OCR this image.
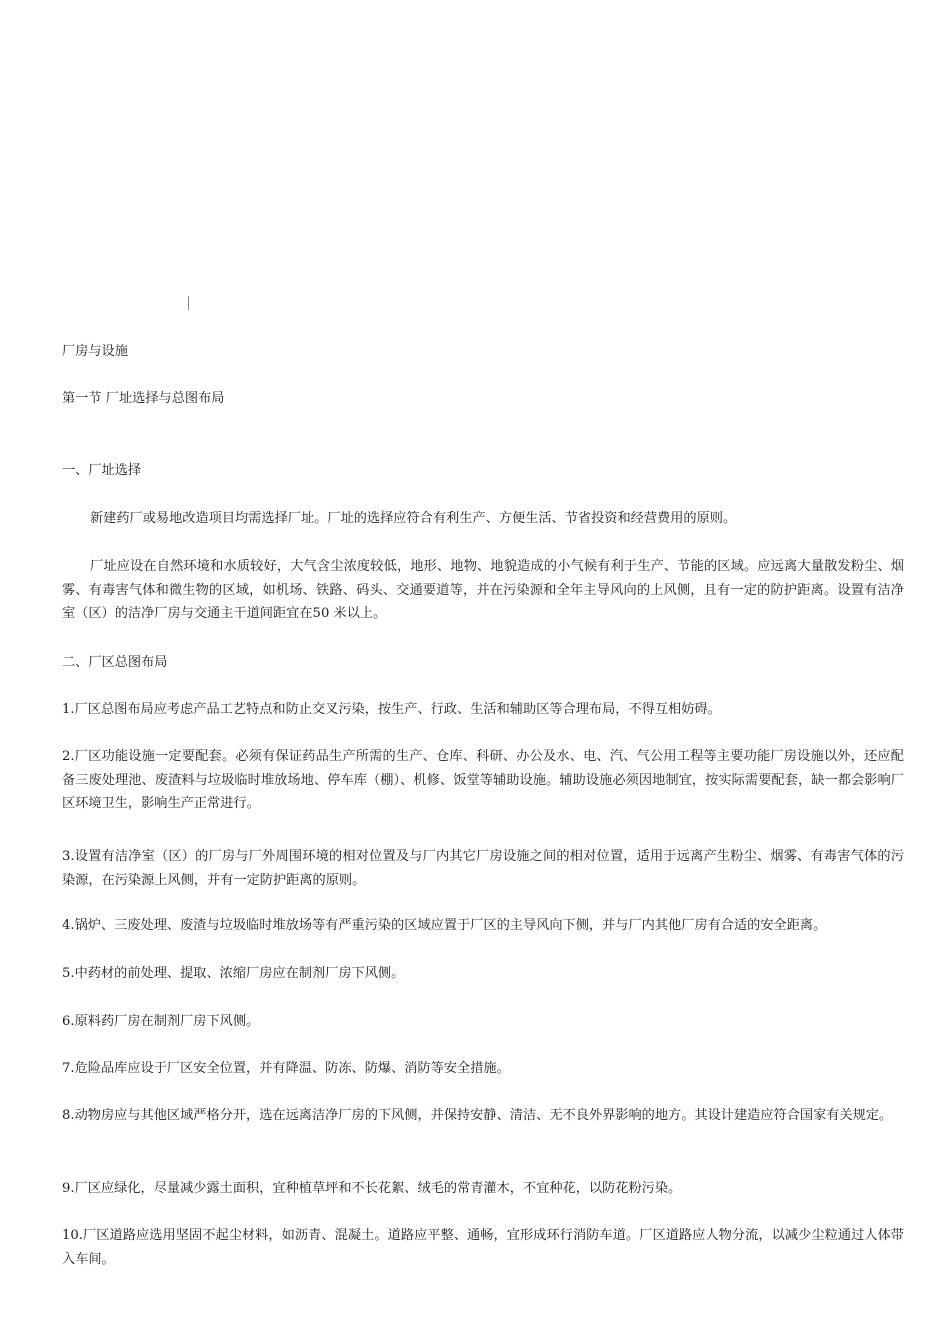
厂房与设施
第一节 厂址选择与总图布局
一、厂址选择
新建药厂或易地改造项目均需选择厂址。厂址的选择应符合有利生产、方便生活、节省投资和经营费用的原则。
厂址应设在自然环境和水质较好，大气含尘浓度较低，地形、地物、地貌造成的小气候有利于生产、节能的区域。应远离大量散发粉尘、烟雾、有毒害气体和微生物的区域，如机场、铁路、码头、交通要道等，并在污染源和全年主导风向的上风侧，且有一定的防护距离。设置有洁净室（区）的洁净厂房与交通主干道间距宜在50 米以上。
二、厂区总图布局
1.厂区总图布局应考虑产品工艺特点和防止交叉污染，按生产、行政、生活和辅助区等合理布局，不得互相妨碍。
2.厂区功能设施一定要配套。必须有保证药品生产所需的生产、仓库、科研、办公及水、电、汽、气公用工程等主要功能厂房设施以外，还应配备三废处理池、废渣料与垃圾临时堆放场地、停车库（棚）、机修、饭堂等辅助设施。辅助设施必须因地制宜，按实际需要配套，缺一都会影响厂区环境卫生，影响生产正常进行。
3.设置有洁净室（区）的厂房与厂外周围环境的相对位置及与厂内其它厂房设施之间的相对位置，适用于远离产生粉尘、烟雾、有毒害气体的污染源，在污染源上风侧，并有一定防护距离的原则。
4.锅炉、三废处理、废渣与垃圾临时堆放场等有严重污染的区域应置于厂区的主导风向下侧，并与厂内其他厂房有合适的安全距离。
5.中药材的前处理、提取、浓缩厂房应在制剂厂房下风侧。
6.原料药厂房在制剂厂房下风侧。
7.危险品库应设于厂区安全位置，并有降温、防冻、防爆、消防等安全措施。
8.动物房应与其他区域严格分开，选在远离洁净厂房的下风侧，并保持安静、清洁、无不良外界影响的地方。其设计建造应符合国家有关规定。
9.厂区应绿化，尽量减少露土面积，宜种植草坪和不长花絮、绒毛的常青灌木，不宜种花，以防花粉污染。
10.厂区道路应选用坚固不起尘材料，如沥青、混凝土。道路应平整、通畅，宜形成环行消防车道。厂区道路应人物分流，以减少尘粒通过人体带入车间。
